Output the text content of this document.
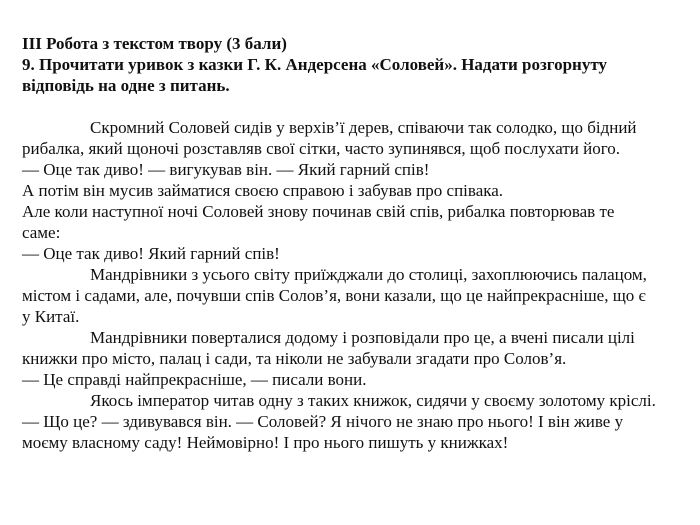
ІІІ Робота з текстом твору (3 бали)
9. Прочитати уривок з казки Г. К. Андерсена «Соловей». Надати розгорнуту
відповідь на одне з питань.
Скромний Соловей сидів у верхів’ї дерев, співаючи так солодко, що бідний
рибалка, який щоночі розставляв свої сітки, часто зупинявся, щоб послухати його.
— Оце так диво! — вигукував він. — Який гарний спів!
А потім він мусив займатися своєю справою і забував про співака.
Але коли наступної ночі Соловей знову починав свій спів, рибалка повторював те
саме:
— Оце так диво! Який гарний спів!
Мандрівники з усього світу приїжджали до столиці, захоплюючись палацом,
містом і садами, але, почувши спів Солов’я, вони казали, що це найпрекрасніше, що є
у Китаї.
Мандрівники поверталися додому і розповідали про це, а вчені писали цілі
книжки про місто, палац і сади, та ніколи не забували згадати про Солов’я.
— Це справді найпрекрасніше, — писали вони.
Якось імператор читав одну з таких книжок, сидячи у своєму золотому кріслі.
— Що це? — здивувався він. — Соловей? Я нічого не знаю про нього! І він живе у
моєму власному саду! Неймовірно! І про нього пишуть у книжках!
